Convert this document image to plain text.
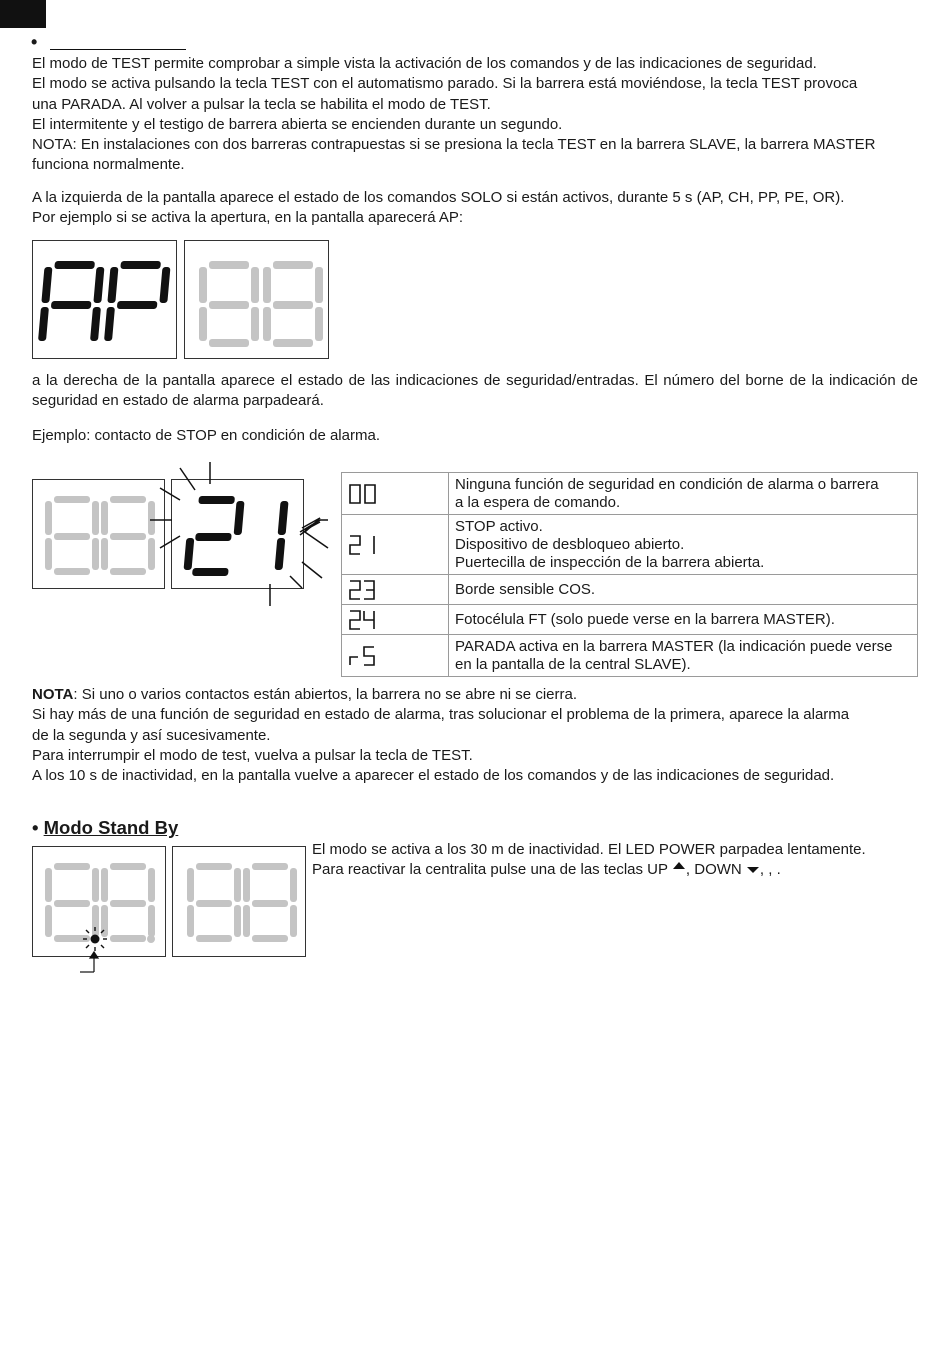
•

El modo de TEST permite comprobar a simple vista la activación de los comandos y de las indicaciones de seguridad.
El modo se activa pulsando la tecla TEST con el automatismo parado. Si la barrera está moviéndose, la tecla TEST provoca
una PARADA. Al volver a pulsar la tecla se habilita el modo de TEST.
El intermitente y el testigo de barrera abierta se encienden durante un segundo.
NOTA: En instalaciones con dos barreras contrapuestas si se presiona la tecla TEST en la barrera SLAVE, la barrera MASTER
funciona normalmente.

A la izquierda de la pantalla aparece el estado de los comandos SOLO si están activos, durante 5 s (AP, CH, PP, PE, OR).
Por ejemplo si se activa la apertura, en la pantalla aparecerá AP:

a la derecha de la pantalla aparece el estado de las indicaciones de seguridad/entradas. El número del borne de la indicación de seguridad en estado de alarma parpadeará.

Ejemplo: contacto de STOP en condición de alarma.

Ninguna función de seguridad en condición de alarma o barrera
a la espera de comando.

STOP activo.
Dispositivo de desbloqueo abierto.
Puertecilla de inspección de la barrera abierta.

Borde sensible COS.

Fotocélula FT (solo puede verse en la barrera MASTER).

PARADA activa en la barrera MASTER (la indicación puede verse
en la pantalla de la central SLAVE).

NOTA: Si uno o varios contactos están abiertos, la barrera no se abre ni se cierra.
Si hay más de una función de seguridad en estado de alarma, tras solucionar el problema de la primera, aparece la alarma
de la segunda y así sucesivamente.
Para interrumpir el modo de test, vuelva a pulsar la tecla de TEST.
A los 10 s de inactividad, en la pantalla vuelve a aparecer el estado de los comandos y de las indicaciones de seguridad.

• Modo Stand By

El modo se activa a los 30 m de inactividad. El LED POWER parpadea lentamente.
Para reactivar la centralita pulse una de las teclas UP , DOWN , , .
